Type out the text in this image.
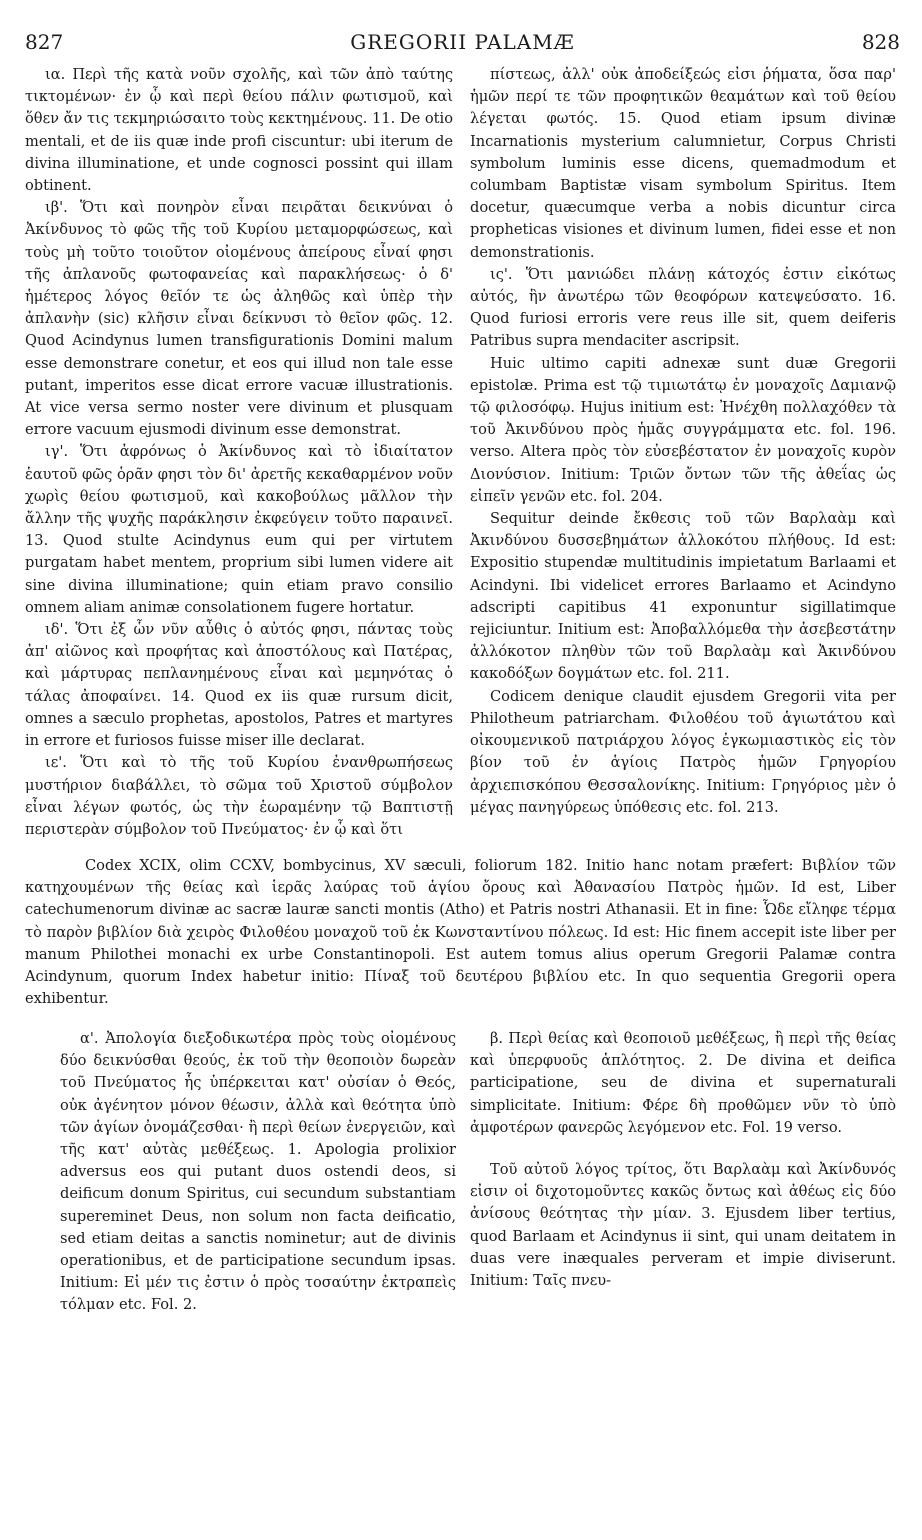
827	GREGORII PALAMÆ	828

ια. Περὶ τῆς κατὰ νοῦν σχολῆς, καὶ τῶν ἀπὸ ταύτης τικτομένων· ἐν ᾧ καὶ περὶ θείου πάλιν φωτισμοῦ, καὶ ὅθεν ἄν τις τεκμηριώσαιτο τοὺς κεκτημένους. 11. De otio mentali, et de iis quæ inde profi ciscuntur: ubi iterum de divina illuminatione, et unde cognosci possint qui illam obtinent.

ιβ'. Ὅτι καὶ πονηρὸν εἶναι πειρᾶται δεικνύναι ὁ Ἀκίνδυνος τὸ φῶς τῆς τοῦ Κυρίου μεταμορφώσεως, καὶ τοὺς μὴ τοῦτο τοιοῦτον οἰομένους ἀπείρους εἶναί φησι τῆς ἀπλανοῦς φωτοφανείας καὶ παρακλήσεως· ὁ δ' ἡμέτερος λόγος θεῖόν τε ὡς ἀληθῶς καὶ ὑπὲρ τὴν ἀπλανὴν (sic) κλῆσιν εἶναι δείκνυσι τὸ θεῖον φῶς. 12. Quod Acindynus lumen transfigurationis Domini malum esse demonstrare conetur, et eos qui illud non tale esse putant, imperitos esse dicat errore vacuæ illustrationis. At vice versa sermo noster vere divinum et plusquam errore vacuum ejusmodi divinum esse demonstrat.

ιγ'. Ὅτι ἀφρόνως ὁ Ἀκίνδυνος καὶ τὸ ἰδιαίτατον ἑαυτοῦ φῶς ὁρᾶν φησι τὸν δι' ἀρετῆς κεκαθαρμένον νοῦν χωρὶς θείου φωτισμοῦ, καὶ κακοβούλως μᾶλλον τὴν ἄλλην τῆς ψυχῆς παράκλησιν ἐκφεύγειν τοῦτο παραινεῖ. 13. Quod stulte Acindynus eum qui per virtutem purgatam habet mentem, proprium sibi lumen videre ait sine divina illuminatione; quin etiam pravo consilio omnem aliam animæ consolationem fugere hortatur.

ιδ'. Ὅτι ἐξ ὧν νῦν αὖθις ὁ αὐτός φησι, πάντας τοὺς ἀπ' αἰῶνος καὶ προφήτας καὶ ἀποστόλους καὶ Πατέρας, καὶ μάρτυρας πεπλανημένους εἶναι καὶ μεμηνότας ὁ τάλας ἀποφαίνει. 14. Quod ex iis quæ rursum dicit, omnes a sæculo prophetas, apostolos, Patres et martyres in errore et furiosos fuisse miser ille declarat.

ιε'. Ὅτι καὶ τὸ τῆς τοῦ Κυρίου ἐνανθρωπήσεως μυστήριον διαβάλλει, τὸ σῶμα τοῦ Χριστοῦ σύμβολον εἶναι λέγων φωτός, ὡς τὴν ἑωραμένην τῷ Βαπτιστῇ περιστερὰν σύμβολον τοῦ Πνεύματος· ἐν ᾧ καὶ ὅτι

πίστεως, ἀλλ' οὐκ ἀποδείξεώς εἰσι ῥήματα, ὅσα παρ' ἡμῶν περί τε τῶν προφητικῶν θεαμάτων καὶ τοῦ θείου λέγεται φωτός. 15. Quod etiam ipsum divinæ Incarnationis mysterium calumnietur, Corpus Christi symbolum luminis esse dicens, quemadmodum et columbam Baptistæ visam symbolum Spiritus. Item docetur, quæcumque verba a nobis dicuntur circa propheticas visiones et divinum lumen, fidei esse et non demonstrationis.

ις'. Ὅτι μανιώδει πλάνῃ κάτοχός ἐστιν εἰκότως αὐτός, ἣν ἀνωτέρω τῶν θεοφόρων κατεψεύσατο. 16. Quod furiosi erroris vere reus ille sit, quem deiferis Patribus supra mendaciter ascripsit.

Huic ultimo capiti adnexæ sunt duæ Gregorii epistolæ. Prima est τῷ τιμιωτάτῳ ἐν μοναχοῖς Δαμιανῷ τῷ φιλοσόφῳ. Hujus initium est: Ἠνέχθη πολλαχόθεν τὰ τοῦ Ἀκινδύνου πρὸς ἡμᾶς συγγράμματα etc. fol. 196. verso. Altera πρὸς τὸν εὐσεβέστατον ἐν μοναχοῖς κυρὸν Διονύσιον. Initium: Τριῶν ὄντων τῶν τῆς ἀθεΐας ὡς εἰπεῖν γενῶν etc. fol. 204.

Sequitur deinde ἔκθεσις τοῦ τῶν Βαρλαὰμ καὶ Ἀκινδύνου δυσσεβημάτων ἀλλοκότου πλήθους. Id est: Expositio stupendæ multitudinis impietatum Barlaami et Acindyni. Ibi videlicet errores Barlaamo et Acindyno adscripti capitibus 41 exponuntur sigillatimque rejiciuntur. Initium est: Ἀποβαλλόμεθα τὴν ἀσεβεστάτην ἀλλόκοτον πληθὺν τῶν τοῦ Βαρλαὰμ καὶ Ἀκινδύνου κακοδόξων δογμάτων etc. fol. 211.

Codicem denique claudit ejusdem Gregorii vita per Philotheum patriarcham. Φιλοθέου τοῦ ἁγιωτάτου καὶ οἰκουμενικοῦ πατριάρχου λόγος ἐγκωμιαστικὸς εἰς τὸν βίον τοῦ ἐν ἁγίοις Πατρὸς ἡμῶν Γρηγορίου ἀρχιεπισκόπου Θεσσαλονίκης. Initium: Γρηγόριος μὲν ὁ μέγας πανηγύρεως ὑπόθεσις etc. fol. 213.

Codex XCIX, olim CCXV, bombycinus, XV sæculi, foliorum 182. Initio hanc notam præfert: Βιβλίον τῶν κατηχουμένων τῆς θείας καὶ ἱερᾶς λαύρας τοῦ ἁγίου ὄρους καὶ Ἀθανασίου Πατρὸς ἡμῶν. Id est, Liber catechumenorum divinæ ac sacræ lauræ sancti montis (Atho) et Patris nostri Athanasii. Et in fine: Ὧδε εἴληφε τέρμα τὸ παρὸν βιβλίον διὰ χειρὸς Φιλοθέου μοναχοῦ τοῦ ἐκ Κωνσταντίνου πόλεως. Id est: Hic finem accepit iste liber per manum Philothei monachi ex urbe Constantinopoli. Est autem tomus alius operum Gregorii Palamæ contra Acindynum, quorum Index habetur initio: Πίναξ τοῦ δευτέρου βιβλίου etc. In quo sequentia Gregorii opera exhibentur.

α'. Ἀπολογία διεξοδικωτέρα πρὸς τοὺς οἰομένους δύο δεικνύσθαι θεούς, ἐκ τοῦ τὴν θεοποιὸν δωρεὰν τοῦ Πνεύματος ἧς ὑπέρκειται κατ' οὐσίαν ὁ Θεός, οὐκ ἀγένητον μόνον θέωσιν, ἀλλὰ καὶ θεότητα ὑπὸ τῶν ἁγίων ὀνομάζεσθαι· ἢ περὶ θείων ἐνεργειῶν, καὶ τῆς κατ' αὐτὰς μεθέξεως. 1. Apologia prolixior adversus eos qui putant duos ostendi deos, si deificum donum Spiritus, cui secundum substantiam supereminet Deus, non solum non facta deificatio, sed etiam deitas a sanctis nominetur; aut de divinis operationibus, et de participatione secundum ipsas. Initium: Εἰ μέν τις ἐστιν ὁ πρὸς τοσαύτην ἐκτραπεὶς τόλμαν etc. Fol. 2.

β. Περὶ θείας καὶ θεοποιοῦ μεθέξεως, ἢ περὶ τῆς θείας καὶ ὑπερφυοῦς ἁπλότητος. 2. De divina et deifica participatione, seu de divina et supernaturali simplicitate. Initium: Φέρε δὴ προθῶμεν νῦν τὸ ὑπὸ ἀμφοτέρων φανερῶς λεγόμενον etc. Fol. 19 verso.

Τοῦ αὐτοῦ λόγος τρίτος, ὅτι Βαρλαὰμ καὶ Ἀκίνδυνός εἰσιν οἱ διχοτομοῦντες κακῶς ὄντως καὶ ἀθέως εἰς δύο ἀνίσους θεότητας τὴν μίαν. 3. Ejusdem liber tertius, quod Barlaam et Acindynus ii sint, qui unam deitatem in duas vere inæquales perveram et impie diviserunt. Initium: Ταῖς πνευ-
